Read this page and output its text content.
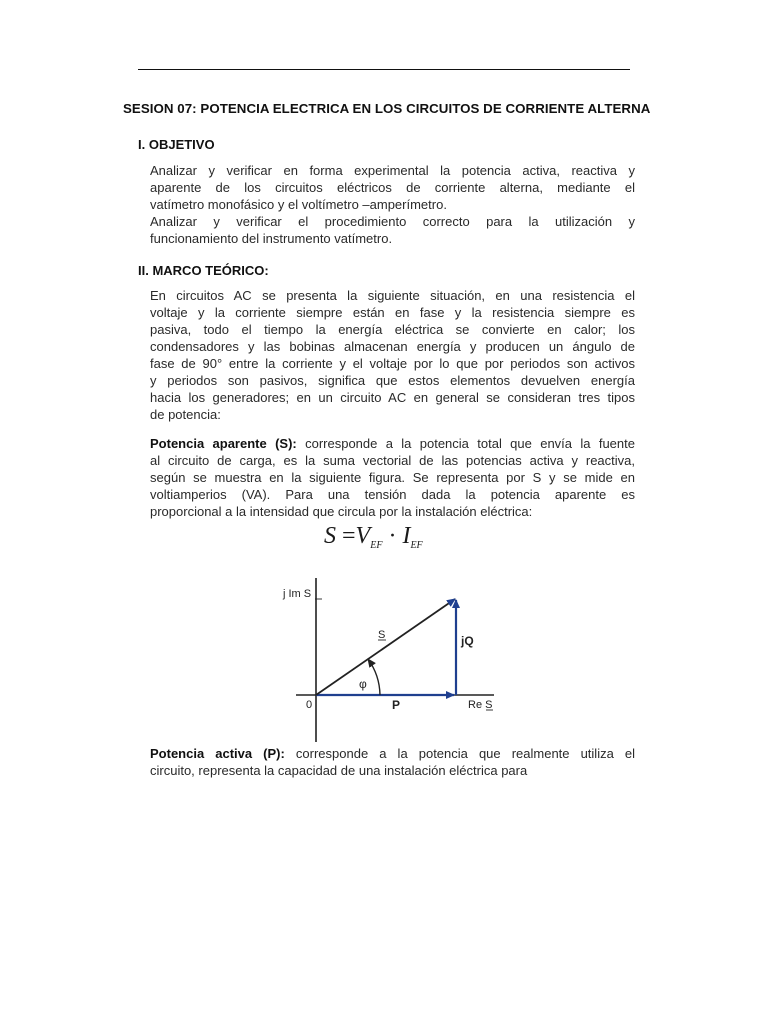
SESION 07: POTENCIA ELECTRICA EN LOS CIRCUITOS DE CORRIENTE ALTERNA
I. OBJETIVO
Analizar y verificar en forma experimental la potencia activa, reactiva y
aparente de los circuitos eléctricos de corriente alterna, mediante el
vatímetro monofásico y el voltímetro –amperímetro.
Analizar y verificar el procedimiento correcto para la utilización y
funcionamiento del instrumento vatímetro.
II. MARCO TEÓRICO:
En circuitos AC se presenta la siguiente situación, en una resistencia el
voltaje y la corriente siempre están en fase y la resistencia siempre es
pasiva, todo el tiempo la energía eléctrica se convierte en calor; los
condensadores y las bobinas almacenan energía y producen un ángulo de
fase de 90° entre la corriente y el voltaje por lo que por periodos son activos
y periodos son pasivos, significa que estos elementos devuelven energía
hacia los generadores; en un circuito AC en general se consideran tres tipos
de potencia:
Potencia aparente (S): corresponde a la potencia total que envía la fuente
al circuito de carga, es la suma vectorial de las potencias activa y reactiva,
según se muestra en la siguiente figura. Se representa por S y se mide en
voltiamperios (VA). Para una tensión dada la potencia aparente es
proporcional a la intensidad que circula por la instalación eléctrica:
$S =V_{EF} \cdot I_{EF}$
j Im S
Re S
0
S	jQ
P
φ
Potencia activa (P): corresponde a la potencia que realmente utiliza el
circuito, representa la capacidad de una instalación eléctrica para
